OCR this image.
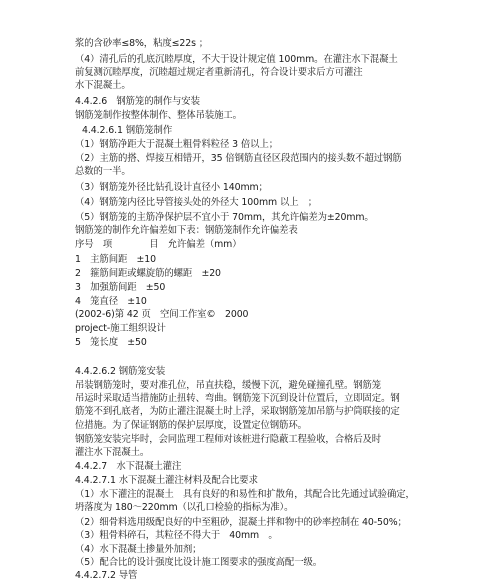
浆的含砂率≤8%，粘度≤22s ；
（4）清孔后的孔底沉睦厚度，不大于设计规定值 100mm。在灌注水下混凝土
前复测沉睦厚度，沉睦超过规定者重新清孔，符合设计要求后方可灌注
水下混凝土。
4.4.2.6　钢筋笼的制作与安装
钢筋笼制作按整体制作、整体吊装施工。
4.4.2.6.1 钢筋笼制作
（1）钢筋净距大于混凝土粗骨料粒径 3 倍以上；
（2）主筋的搭、焊接互相错开，35 倍钢筋直径区段范围内的接头数不超过钢筋
总数的一半。
（3）钢筋笼外径比钻孔设计直径小 140mm；
（4）钢筋笼内径比导管接头处的外径大 100mm 以上　；
（5）钢筋笼的主筋净保护层不宜小于 70mm，其允许偏差为±20mm。
钢筋笼的制作允许偏差如下表：钢筋笼制作允许偏差表
序号　项　　　　目　允许偏差（mm）
1　主筋间距　±10
2　箍筋间距或螺旋筋的螺距　±20
3　加强筋间距　±50
4　笼直径　±10
(2002-6)第 42 页　空间工作室©　2000
project-施工组织设计
5　笼长度　±50
4.4.2.6.2 钢筋笼安装
吊装钢筋笼时，要对准孔位，吊直扶稳，缓慢下沉，避免碰撞孔壁。钢筋笼
吊运时采取适当措施防止扭转、弯曲。钢筋笼下沉到设计位置后，立即固定。钢
筋笼不到孔底者，为防止灌注混凝土时上浮，采取钢筋笼加吊筋与护筒联接的定
位措施。为了保证钢筋的保护层厚度，设置定位钢筋环。
钢筋笼安装完毕时，会同监理工程师对该桩进行隐蔽工程验收，合格后及时
灌注水下混凝土。
4.4.2.7　水下混凝土灌注
4.4.2.7.1 水下混凝土灌注材料及配合比要求
（1）水下灌注的混凝土　具有良好的和易性和扩散角，其配合比先通过试验确定，
坍落度为 180～220mm（以孔口检验的指标为准）。
（2）细骨料选用级配良好的中至粗砂，混凝土拌和物中的砂率控制在 40-50%；
（3）粗骨料碎石，其粒径不得大于　40mm　。
（4）水下混凝土掺量外加剂；
（5）配合比的设计强度比设计施工图要求的强度高配一级。
4.4.2.7.2 导管
